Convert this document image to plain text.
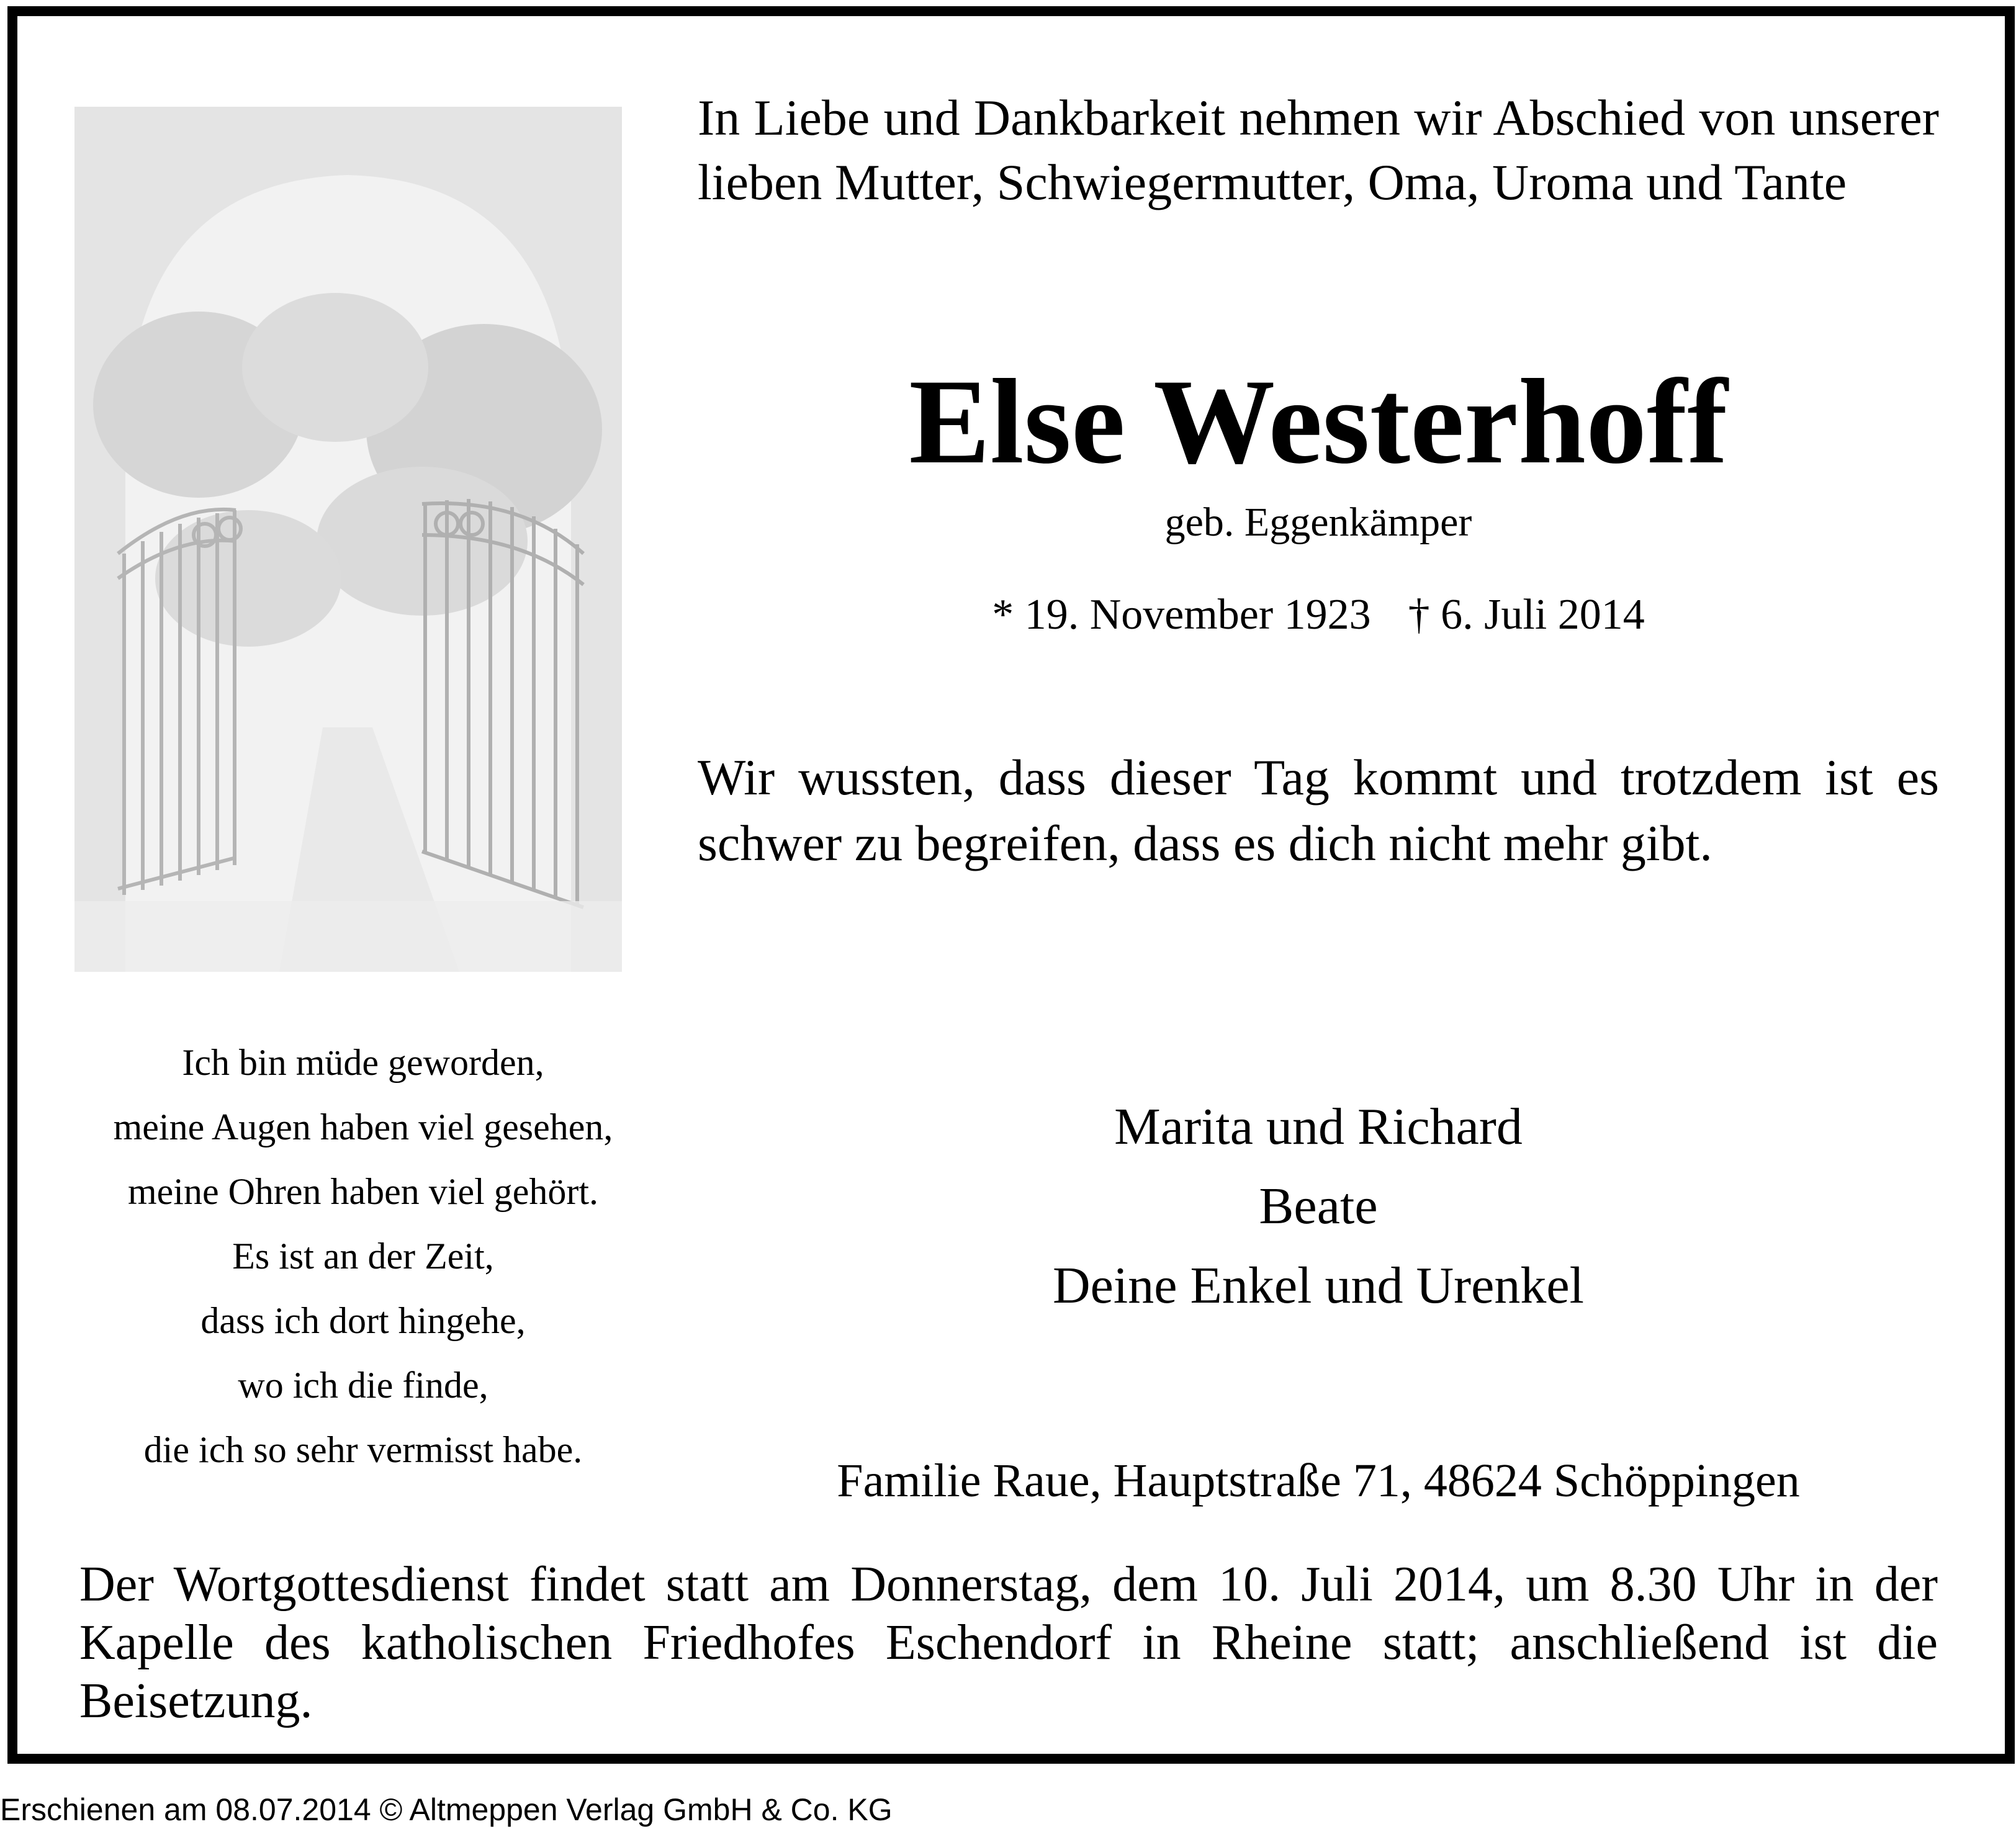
In Liebe und Dankbarkeit nehmen wir Abschied von unserer lieben Mutter, Schwiegermutter, Oma, Uroma und Tante
Else Westerhoff
geb. Eggenkämper
* 19. November 1923 † 6. Juli 2014
Wir wussten, dass dieser Tag kommt und trotzdem ist es schwer zu begreifen, dass es dich nicht mehr gibt.
Ich bin müde geworden,
meine Augen haben viel gesehen,
meine Ohren haben viel gehört.
Es ist an der Zeit,
dass ich dort hingehe,
wo ich die finde,
die ich so sehr vermisst habe.
Marita und Richard
Beate
Deine Enkel und Urenkel
Familie Raue, Hauptstraße 71, 48624 Schöppingen
Der Wortgottesdienst findet statt am Donnerstag, dem 10. Juli 2014, um 8.30 Uhr in der Kapelle des katholischen Friedhofes Eschendorf in Rheine statt; anschließend ist die Beisetzung.
Erschienen am 08.07.2014 © Altmeppen Verlag GmbH & Co. KG
